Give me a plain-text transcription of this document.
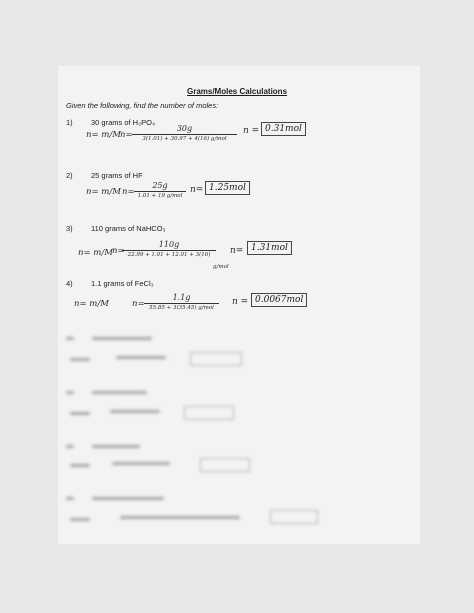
Grams/Moles Calculations
Given the following, find the number of moles:
1) 30 grams of H₃PO₄
n= m/M n=
30g
3(1.01) + 30.97 + 4(16) g/mol
n = 0.31mol
2) 25 grams of HF
n= m/M n=
25g
1.01 + 19 g/mol
n= 1.25mol
3) 110 grams of NaHCO₃
n= m/M n=
110g
22.99 + 1.01 + 12.01 + 3(16)
g/mol
n= 1.31mol
4) 1.1 grams of FeCl₃
n= m/M	n=
1.1g
55.85 + 3(35.45) g/mol
n = 0.0067mol
